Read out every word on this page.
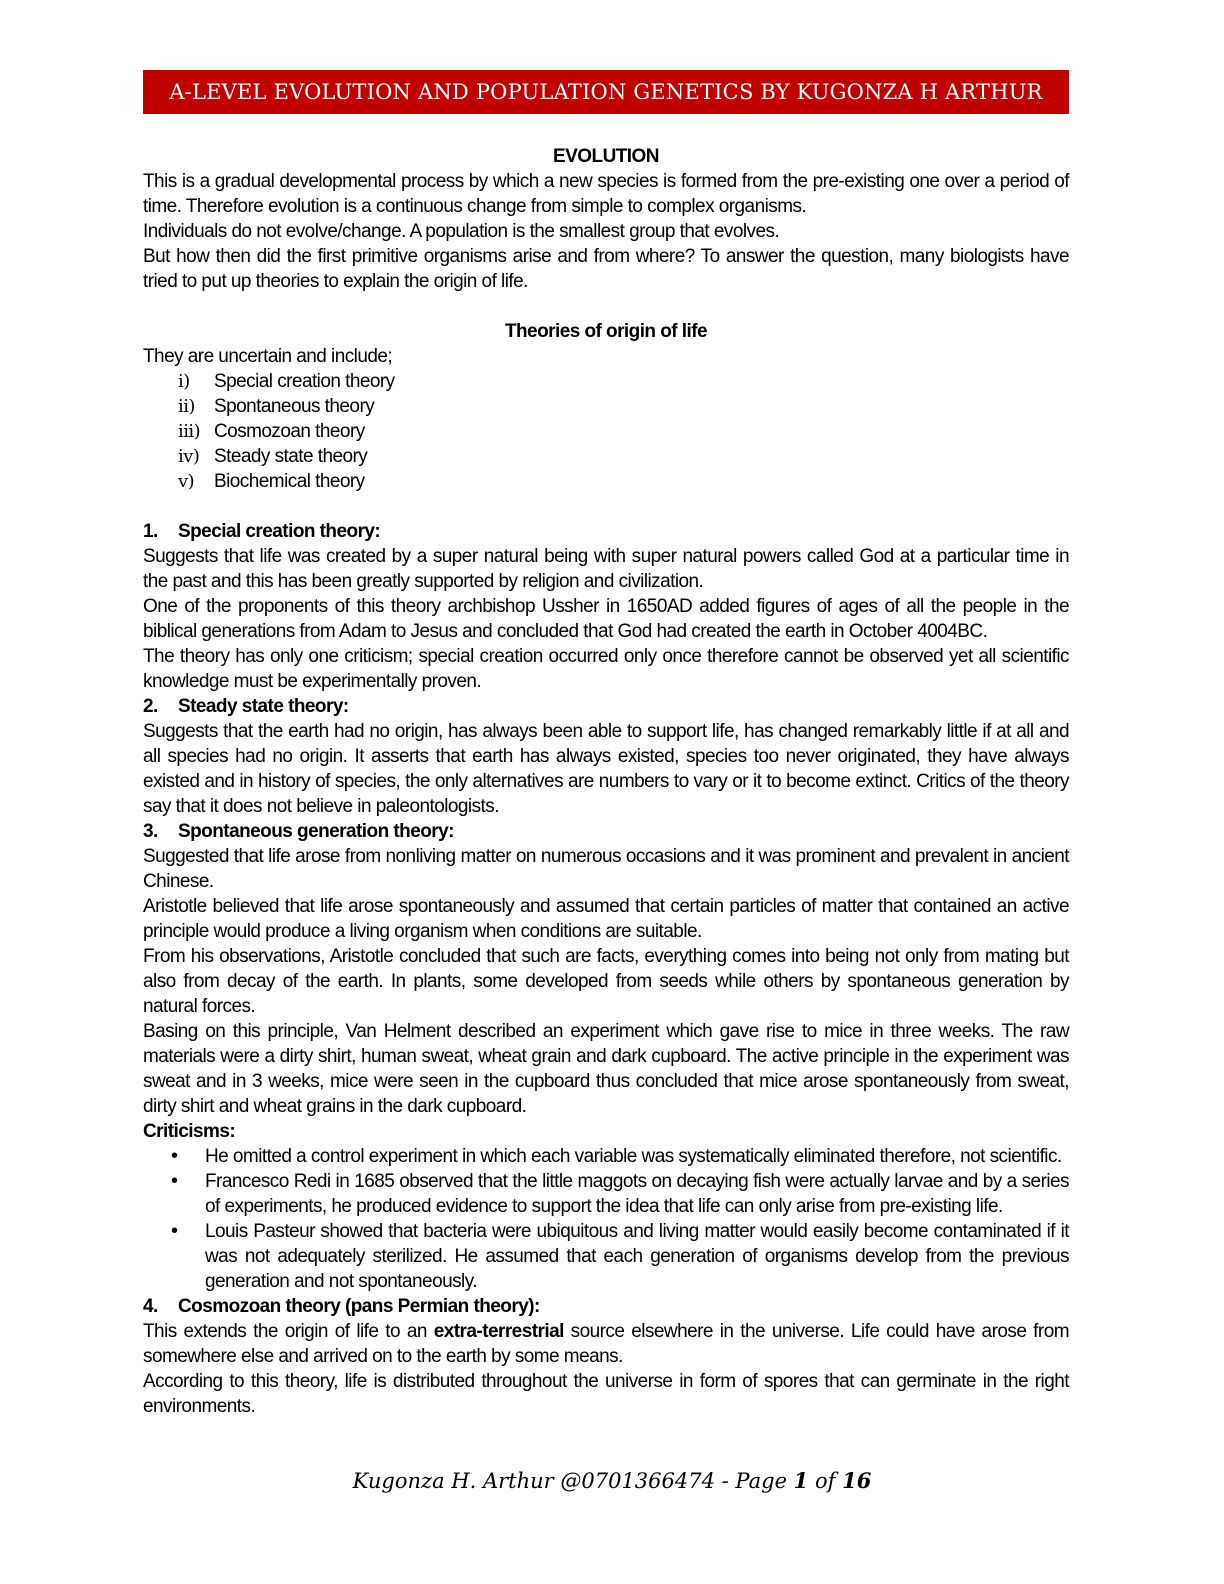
A-LEVEL EVOLUTION AND POPULATION GENETICS BY KUGONZA H ARTHUR

EVOLUTION

This is a gradual developmental process by which a new species is formed from the pre-existing one over a period of time. Therefore evolution is a continuous change from simple to complex organisms.

Individuals do not evolve/change. A population is the smallest group that evolves.

But how then did the first primitive organisms arise and from where? To answer the question, many biologists have tried to put up theories to explain the origin of life.

Theories of origin of life

They are uncertain and include;

i) Special creation theory
ii) Spontaneous theory
iii) Cosmozoan theory
iv) Steady state theory
v) Biochemical theory

1. Special creation theory:

Suggests that life was created by a super natural being with super natural powers called God at a particular time in the past and this has been greatly supported by religion and civilization.

One of the proponents of this theory archbishop Ussher in 1650AD added figures of ages of all the people in the biblical generations from Adam to Jesus and concluded that God had created the earth in October 4004BC.

The theory has only one criticism; special creation occurred only once therefore cannot be observed yet all scientific knowledge must be experimentally proven.

2. Steady state theory:

Suggests that the earth had no origin, has always been able to support life, has changed remarkably little if at all and all species had no origin. It asserts that earth has always existed, species too never originated, they have always existed and in history of species, the only alternatives are numbers to vary or it to become extinct. Critics of the theory say that it does not believe in paleontologists.

3. Spontaneous generation theory:

Suggested that life arose from nonliving matter on numerous occasions and it was prominent and prevalent in ancient Chinese.

Aristotle believed that life arose spontaneously and assumed that certain particles of matter that contained an active principle would produce a living organism when conditions are suitable.

From his observations, Aristotle concluded that such are facts, everything comes into being not only from mating but also from decay of the earth. In plants, some developed from seeds while others by spontaneous generation by natural forces.

Basing on this principle, Van Helment described an experiment which gave rise to mice in three weeks. The raw materials were a dirty shirt, human sweat, wheat grain and dark cupboard. The active principle in the experiment was sweat and in 3 weeks, mice were seen in the cupboard thus concluded that mice arose spontaneously from sweat, dirty shirt and wheat grains in the dark cupboard.

Criticisms:

• He omitted a control experiment in which each variable was systematically eliminated therefore, not scientific.
• Francesco Redi in 1685 observed that the little maggots on decaying fish were actually larvae and by a series of experiments, he produced evidence to support the idea that life can only arise from pre-existing life.
• Louis Pasteur showed that bacteria were ubiquitous and living matter would easily become contaminated if it was not adequately sterilized. He assumed that each generation of organisms develop from the previous generation and not spontaneously.

4. Cosmozoan theory (pans Permian theory):

This extends the origin of life to an extra-terrestrial source elsewhere in the universe. Life could have arose from somewhere else and arrived on to the earth by some means.

According to this theory, life is distributed throughout the universe in form of spores that can germinate in the right environments.

Kugonza H. Arthur @0701366474 - Page 1 of 16
